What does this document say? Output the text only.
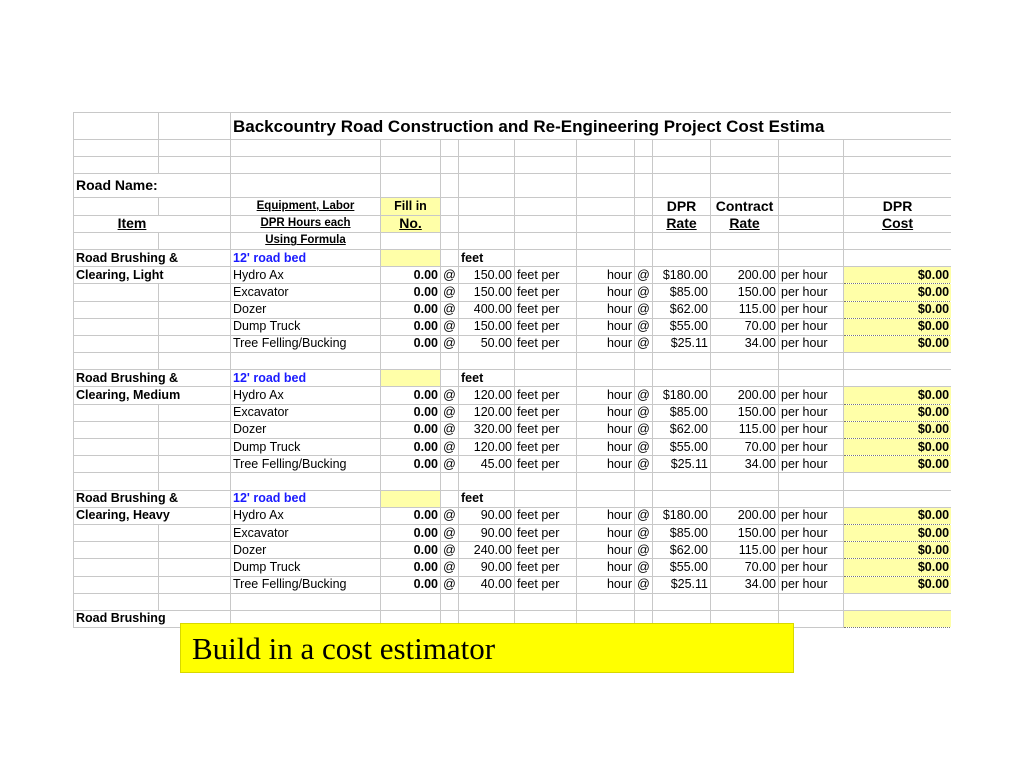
		Backcountry Road Construction and Re-Engineering Project Cost Estima										

Road Name:												
		Equipment, Labor	Fill in						DPR	Contract		DPR
Item		DPR Hours each	No.						Rate	Rate		Cost
		Using Formula										
Road Brushing &		12' road bed			feet							
Clearing, Light		Hydro Ax	0.00	@	150.00	feet per	hour	@	$180.00	200.00	per hour	$0.00
		Excavator	0.00	@	150.00	feet per	hour	@	$85.00	150.00	per hour	$0.00
		Dozer	0.00	@	400.00	feet per	hour	@	$62.00	115.00	per hour	$0.00
		Dump Truck	0.00	@	150.00	feet per	hour	@	$55.00	70.00	per hour	$0.00
		Tree Felling/Bucking	0.00	@	50.00	feet per	hour	@	$25.11	34.00	per hour	$0.00

Road Brushing &		12' road bed			feet							
Clearing, Medium		Hydro Ax	0.00	@	120.00	feet per	hour	@	$180.00	200.00	per hour	$0.00
		Excavator	0.00	@	120.00	feet per	hour	@	$85.00	150.00	per hour	$0.00
		Dozer	0.00	@	320.00	feet per	hour	@	$62.00	115.00	per hour	$0.00
		Dump Truck	0.00	@	120.00	feet per	hour	@	$55.00	70.00	per hour	$0.00
		Tree Felling/Bucking	0.00	@	45.00	feet per	hour	@	$25.11	34.00	per hour	$0.00

Road Brushing &		12' road bed			feet							
Clearing, Heavy		Hydro Ax	0.00	@	90.00	feet per	hour	@	$180.00	200.00	per hour	$0.00
		Excavator	0.00	@	90.00	feet per	hour	@	$85.00	150.00	per hour	$0.00
		Dozer	0.00	@	240.00	feet per	hour	@	$62.00	115.00	per hour	$0.00
		Dump Truck	0.00	@	90.00	feet per	hour	@	$55.00	70.00	per hour	$0.00
		Tree Felling/Bucking	0.00	@	40.00	feet per	hour	@	$25.11	34.00	per hour	$0.00

Road Brushing												
Build in a cost estimator
